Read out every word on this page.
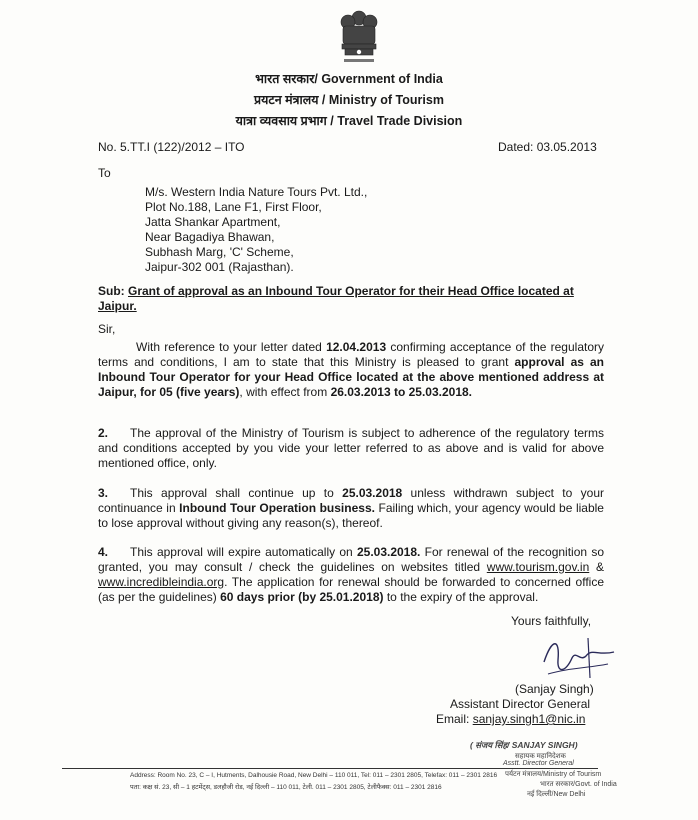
भारत सरकार/ Government of India
प्रयटन मंत्रालय / Ministry of Tourism
यात्रा व्यवसाय प्रभाग / Travel Trade Division
No. 5.TT.I (122)/2012 – ITO	Dated: 03.05.2013
To
M/s. Western India Nature Tours Pvt. Ltd.,
Plot No.188, Lane F1, First Floor,
Jatta Shankar Apartment,
Near Bagadiya Bhawan,
Subhash Marg, 'C' Scheme,
Jaipur-302 001 (Rajasthan).
Sub: Grant of approval as an Inbound Tour Operator for their Head Office located at Jaipur.
Sir,
With reference to your letter dated 12.04.2013 confirming acceptance of the regulatory terms and conditions, I am to state that this Ministry is pleased to grant approval as an Inbound Tour Operator for your Head Office located at the above mentioned address at Jaipur, for 05 (five years), with effect from 26.03.2013 to 25.03.2018.
2. The approval of the Ministry of Tourism is subject to adherence of the regulatory terms and conditions accepted by you vide your letter referred to as above and is valid for above mentioned office, only.
3. This approval shall continue up to 25.03.2018 unless withdrawn subject to your continuance in Inbound Tour Operation business. Failing which, your agency would be liable to lose approval without giving any reason(s), thereof.
4. This approval will expire automatically on 25.03.2018. For renewal of the recognition so granted, you may consult / check the guidelines on websites titled www.tourism.gov.in & www.incredibleindia.org. The application for renewal should be forwarded to concerned office (as per the guidelines) 60 days prior (by 25.01.2018) to the expiry of the approval.
Yours faithfully,
(Sanjay Singh)
Assistant Director General
Email: sanjay.singh1@nic.in
( संजय सिंह/ SANJAY SINGH)
सहायक महानिदेशक
Asstt. Director General
Address: Room No. 23, C – I, Hutments, Dalhousie Road, New Delhi – 110 011, Tel: 011 – 2301 2805, Telefax: 011 – 2301 2816
पता: कक्ष सं. 23, सी – 1 हटमेंट्स, डलहौजी रोड, नई दिल्ली – 110 011, टेली. 011 – 2301 2805, टेलीफैक्स: 011 – 2301 2816
पर्यटन मंत्रालय/Ministry of Tourism
भारत सरकार/Govt. of India
नई दिल्ली/New Delhi
